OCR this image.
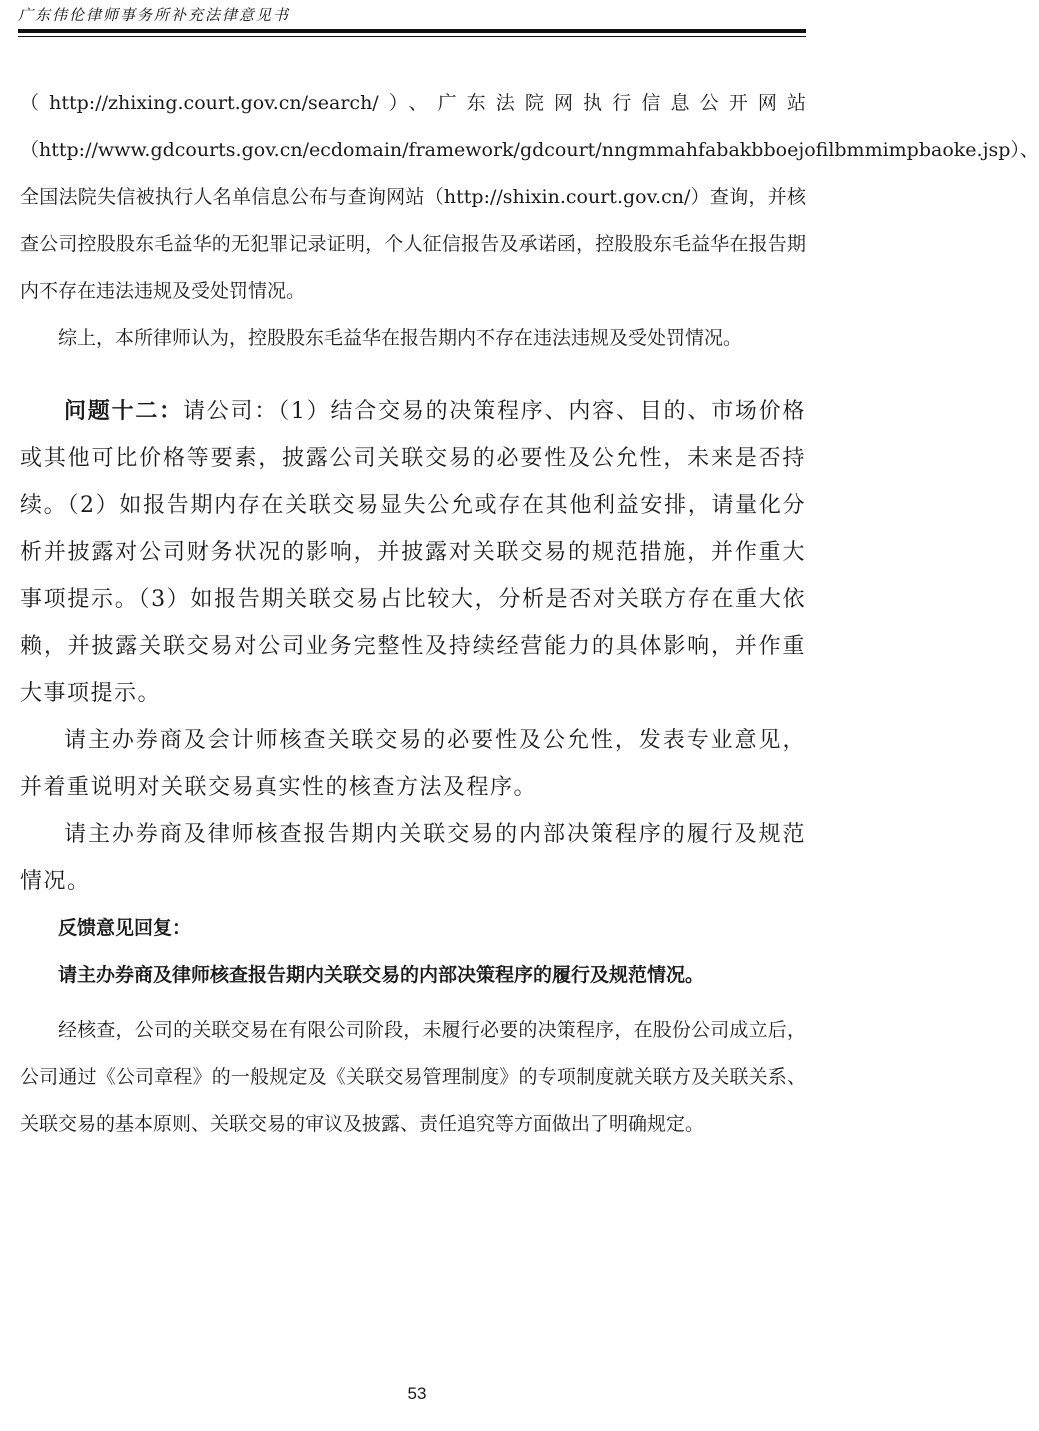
广东伟伦律师事务所补充法律意见书

（http://zhixing.court.gov.cn/search/）、广东法院网执行信息公开网站（http://www.gdcourts.gov.cn/ecdomain/framework/gdcourt/nngmmahfabakbboejofilbmmimpbaoke.jsp）、全国法院失信被执行人名单信息公布与查询网站（http://shixin.court.gov.cn/）查询，并核查公司控股股东毛益华的无犯罪记录证明，个人征信报告及承诺函，控股股东毛益华在报告期内不存在违法违规及受处罚情况。

综上，本所律师认为，控股股东毛益华在报告期内不存在违法违规及受处罚情况。

问题十二：请公司：（1）结合交易的决策程序、内容、目的、市场价格或其他可比价格等要素，披露公司关联交易的必要性及公允性，未来是否持续。（2）如报告期内存在关联交易显失公允或存在其他利益安排，请量化分析并披露对公司财务状况的影响，并披露对关联交易的规范措施，并作重大事项提示。（3）如报告期关联交易占比较大，分析是否对关联方存在重大依赖，并披露关联交易对公司业务完整性及持续经营能力的具体影响，并作重大事项提示。

请主办券商及会计师核查关联交易的必要性及公允性，发表专业意见，并着重说明对关联交易真实性的核查方法及程序。

请主办券商及律师核查报告期内关联交易的内部决策程序的履行及规范情况。

反馈意见回复：

请主办券商及律师核查报告期内关联交易的内部决策程序的履行及规范情况。

经核查，公司的关联交易在有限公司阶段，未履行必要的决策程序，在股份公司成立后，公司通过《公司章程》的一般规定及《关联交易管理制度》的专项制度就关联方及关联关系、关联交易的基本原则、关联交易的审议及披露、责任追究等方面做出了明确规定。

53
